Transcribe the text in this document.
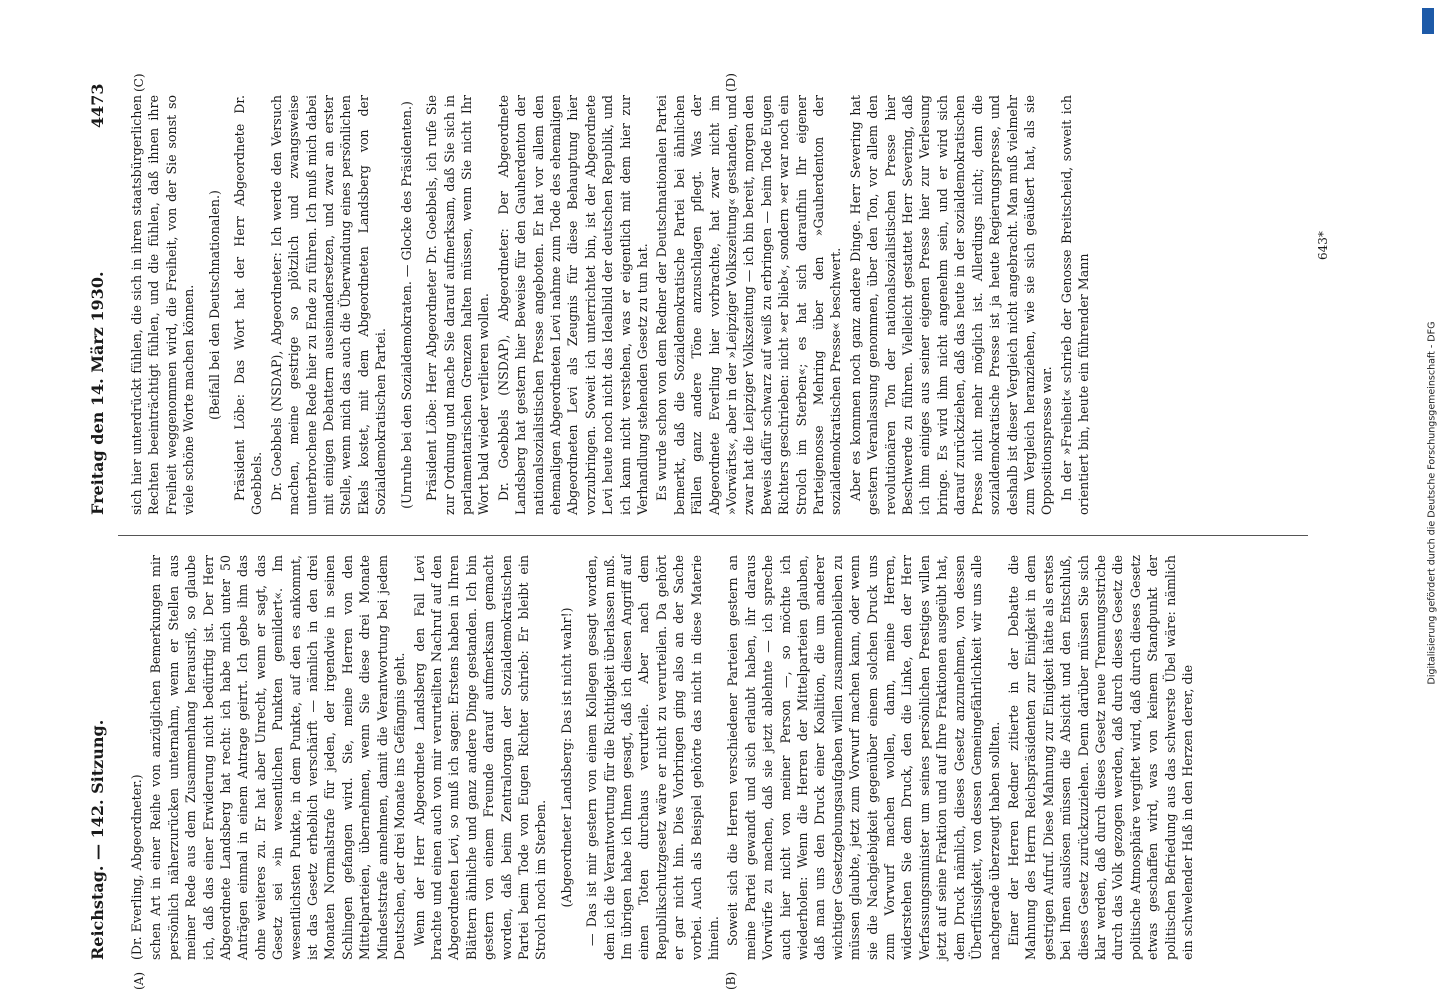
Reichstag. — 142. Sitzung.
Freitag den 14. März 1930.
4473

(Dr. Everling, Abgeordneter.) schen Art in einer Reihe von anzüglichen Bemerkungen mir persönlich näherzurücken unternahm, wenn er Stellen aus meiner Rede aus dem Zusammenhang herausriß, so glaube ich, daß das einer Erwiderung nicht bedürftig ist. Der Herr Abgeordnete Landsberg hat recht: ich habe mich unter 50 Anträgen einmal in einem Antrage geirrt. Ich gebe ihm das ohne weiteres zu. Er hat aber Unrecht, wenn er sagt, das Gesetz sei »in wesentlichen Punkten gemildert«. Im wesentlichsten Punkte, in dem Punkte, auf den es ankommt, ist das Gesetz erheblich verschärft — nämlich in den drei Monaten Normalstrafe für jeden, der irgendwie in seinen Schlingen gefangen wird. Sie, meine Herren von den Mittelparteien, übernehmen, wenn Sie diese drei Monate Mindeststrafe annehmen, damit die Verantwortung bei jedem Deutschen, der drei Monate ins Gefängnis geht. Wenn der Herr Abgeordnete Landsberg den Fall Levi brachte und einen auch von mir verurteilten Nachruf auf den Abgeordneten Levi, so muß ich sagen: Erstens haben in Ihren Blättern ähnliche und ganz andere Dinge gestanden. Ich bin gestern von einem Freunde darauf aufmerksam gemacht worden, daß beim Zentralorgan der Sozialdemokratischen Partei beim Tode von Eugen Richter schrieb: Er bleibt ein Strolch noch im Sterben. (Abgeordneter Landsberg: Das ist nicht wahr!) — Das ist mir gestern von einem Kollegen gesagt worden, dem ich die Verantwortung für die Richtigkeit überlassen muß. Im übrigen habe ich Ihnen gesagt, daß ich diesen Angriff auf einen Toten durchaus verurteile. Aber nach dem Republikschutzgesetz wäre er nicht zu verurteilen. Da gehört er gar nicht hin. Dies Vorbringen ging also an der Sache vorbei. Auch als Beispiel gehörte das nicht in diese Materie hinein. Soweit sich die Herren verschiedener Parteien gestern an meine Partei gewandt und sich erlaubt haben, ihr daraus Vorwürfe zu machen, daß sie jetzt ablehnte — ich spreche auch hier nicht von meiner Person —, so möchte ich wiederholen: Wenn die Herren der Mittelparteien glauben, daß man uns den Druck einer Koalition, die um anderer wichtiger Gesetzgebungsaufgaben willen zusammenbleiben zu müssen glaubte, jetzt zum Vorwurf machen kann, oder wenn sie die Nachgiebigkeit gegenüber einem solchen Druck uns zum Vorwurf machen wollen, dann, meine Herren, widerstehen Sie dem Druck, den die Linke, den der Herr Verfassungsminister um seines persönlichen Prestiges willen jetzt auf seine Fraktion und auf Ihre Fraktionen ausgeübt hat, dem Druck nämlich, dieses Gesetz anzunehmen, von dessen Überflüssigkeit, von dessen Gemeingefährlichkeit wir uns alle nachgerade überzeugt haben sollten. Einer der Herren Redner zitierte in der Debatte die Mahnung des Herrn Reichspräsidenten zur Einigkeit in dem gestrigen Aufruf. Diese Mahnung zur Einigkeit hätte als erstes bei Ihnen auslösen müssen die Absicht und den Entschluß, dieses Gesetz zurückzuziehen. Denn darüber müssen Sie sich klar werden, daß durch dieses Gesetz neue Trennungsstriche durch das Volk gezogen werden, daß durch dieses Gesetz die politische Atmosphäre vergiftet wird, daß durch dieses Gesetz etwas geschaffen wird, was von keinem Standpunkt der politischen Befriedung aus das schwerste Übel wäre: nämlich ein schwelender Haß in den Herzen derer, die

sich hier unterdrückt fühlen, die sich in ihren staatsbürgerlichen Rechten beeinträchtigt fühlen, und die fühlen, daß ihnen ihre Freiheit weggenommen wird, die Freiheit, von der Sie sonst so viele schöne Worte machen können. (Beifall bei den Deutschnationalen.) Präsident Löbe: Das Wort hat der Herr Abgeordnete Dr. Goebbels. Dr. Goebbels (NSDAP), Abgeordneter: Ich werde den Versuch machen, meine gestrige so plötzlich und zwangsweise unterbrochene Rede hier zu Ende zu führen. Ich muß mich dabei mit einigen Debattern auseinandersetzen, und zwar an erster Stelle, wenn mich das auch die Überwindung eines persönlichen Ekels kostet, mit dem Abgeordneten Landsberg von der Sozialdemokratischen Partei. (Unruhe bei den Sozialdemokraten. — Glocke des Präsidenten.) Präsident Löbe: Herr Abgeordneter Dr. Goebbels, ich rufe Sie zur Ordnung und mache Sie darauf aufmerksam, daß Sie sich in parlamentarischen Grenzen halten müssen, wenn Sie nicht Ihr Wort bald wieder verlieren wollen. Dr. Goebbels (NSDAP), Abgeordneter: Der Abgeordnete Landsberg hat gestern hier Beweise für den Gauherdenton der nationalsozialistischen Presse angeboten. Er hat vor allem den ehemaligen Abgeordneten Levi nahme zum Tode des ehemaligen Abgeordneten Levi als Zeugnis für diese Behauptung hier vorzubringen. Soweit ich unterrichtet bin, ist der Abgeordnete Levi heute noch nicht das Idealbild der deutschen Republik, und ich kann nicht verstehen, was er eigentlich mit dem hier zur Verhandlung stehenden Gesetz zu tun hat. Es wurde schon von dem Redner der Deutschnationalen Partei bemerkt, daß die Sozialdemokratische Partei bei ähnlichen Fällen ganz andere Töne anzuschlagen pflegt. Was der Abgeordnete Everling hier vorbrachte, hat zwar nicht im »Vorwärts«, aber in der »Leipziger Volkszeitung« gestanden, und zwar hat die Leipziger Volkszeitung — ich bin bereit, morgen den Beweis dafür schwarz auf weiß zu erbringen — beim Tode Eugen Richters geschrieben: nicht »er blieb«, sondern »er war noch ein Strolch im Sterben«; es hat sich daraufhin Ihr eigener Parteigenosse Mehring über den »Gauherdenton der sozialdemokratischen Presse« beschwert. Aber es kommen noch ganz andere Dinge. Herr Severing hat gestern Veranlassung genommen, über den Ton, vor allem den revolutionären Ton der nationalsozialistischen Presse hier Beschwerde zu führen. Vielleicht gestattet Herr Severing, daß ich ihm einiges aus seiner eigenen Presse hier zur Verlesung bringe. Es wird ihm nicht angenehm sein, und er wird sich darauf zurückziehen, daß das heute in der sozialdemokratischen Presse nicht mehr möglich ist. Allerdings nicht; denn die sozialdemokratische Presse ist ja heute Regierungspresse, und deshalb ist dieser Vergleich nicht angebracht. Man muß vielmehr zum Vergleich heranziehen, wie sie sich geäußert hat, als sie Oppositionspresse war. In der »Freiheit« schrieb der Genosse Breitscheid, soweit ich orientiert bin, heute ein führender Mann

(A)	(B)
(C)	(D)
643*
Digitalisierung gefördert durch die Deutsche Forschungsgemeinschaft - DFG
